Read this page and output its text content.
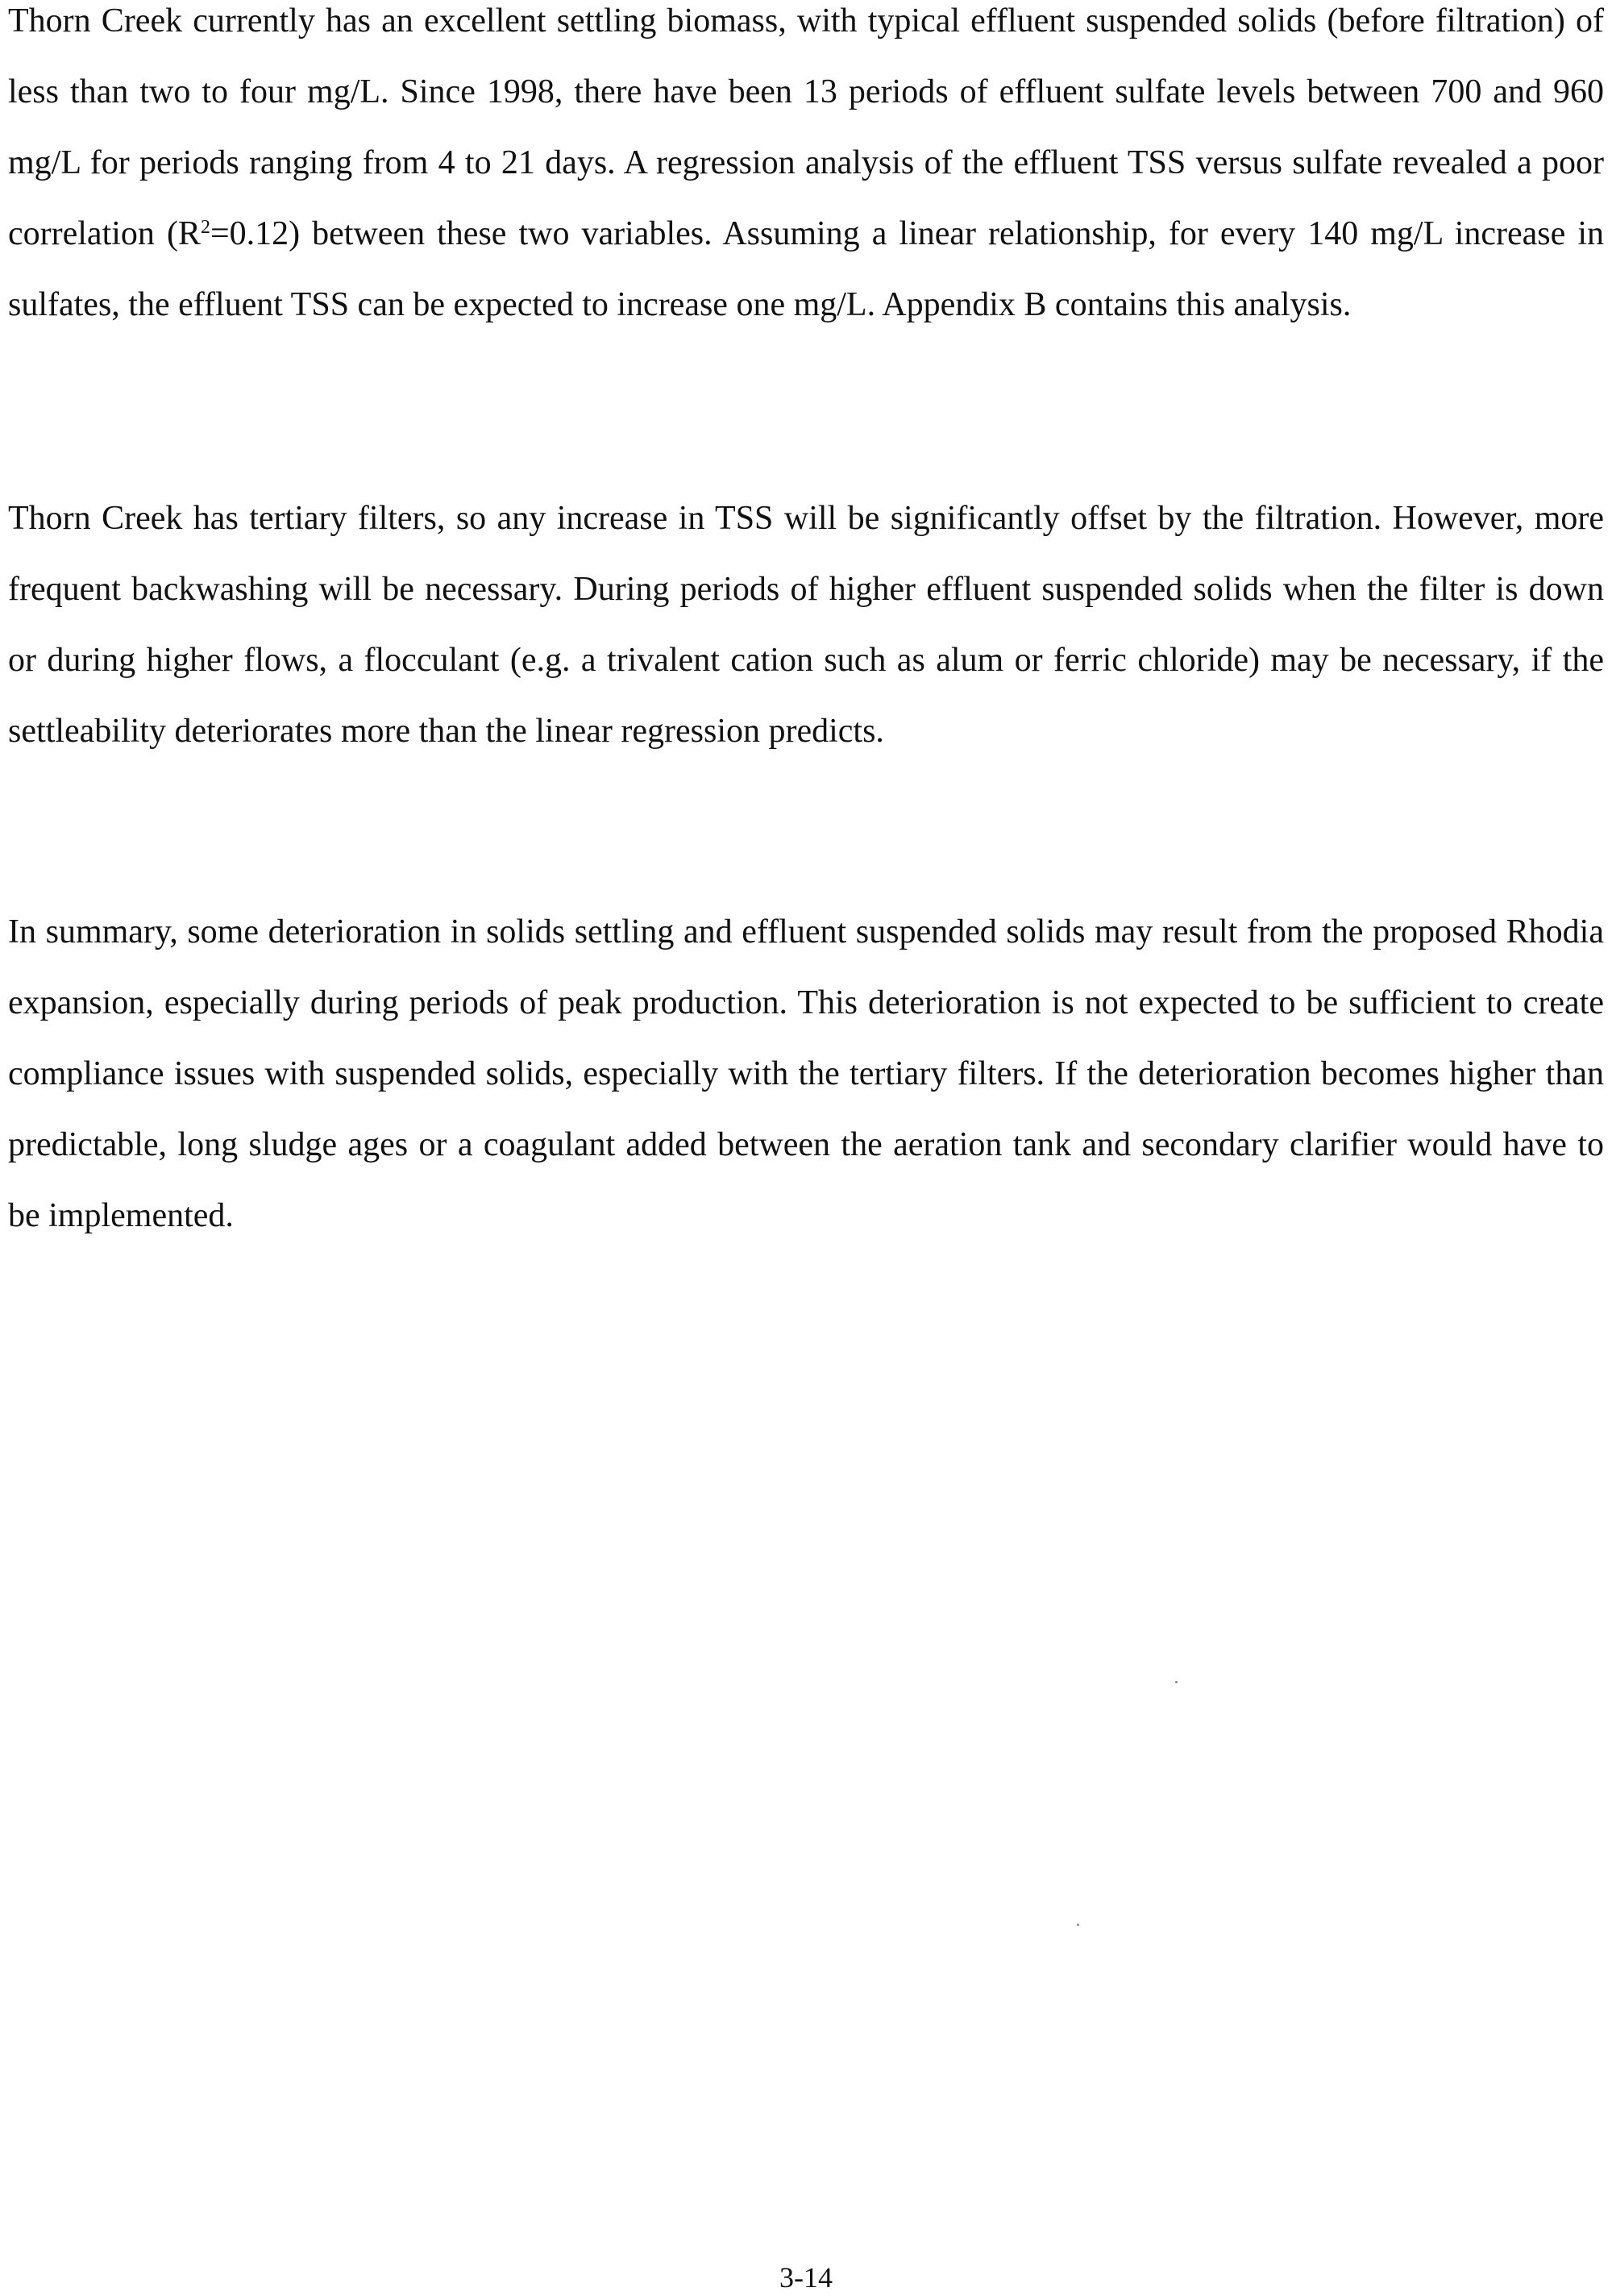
Thorn Creek currently has an excellent settling biomass, with typical effluent suspended solids (before filtration) of less than two to four mg/L. Since 1998, there have been 13 periods of effluent sulfate levels between 700 and 960 mg/L for periods ranging from 4 to 21 days. A regression analysis of the effluent TSS versus sulfate revealed a poor correlation $(R^2=0.12)$ between these two variables. Assuming a linear relationship, for every 140 mg/L increase in sulfates, the effluent TSS can be expected to increase one mg/L. Appendix B contains this analysis.

Thorn Creek has tertiary filters, so any increase in TSS will be significantly offset by the filtration. However, more frequent backwashing will be necessary. During periods of higher effluent suspended solids when the filter is down or during higher flows, a flocculant (e.g. a trivalent cation such as alum or ferric chloride) may be necessary, if the settleability deteriorates more than the linear regression predicts.

In summary, some deterioration in solids settling and effluent suspended solids may result from the proposed Rhodia expansion, especially during periods of peak production. This deterioration is not expected to be sufficient to create compliance issues with suspended solids, especially with the tertiary filters. If the deterioration becomes higher than predictable, long sludge ages or a coagulant added between the aeration tank and secondary clarifier would have to be implemented.

3-14
